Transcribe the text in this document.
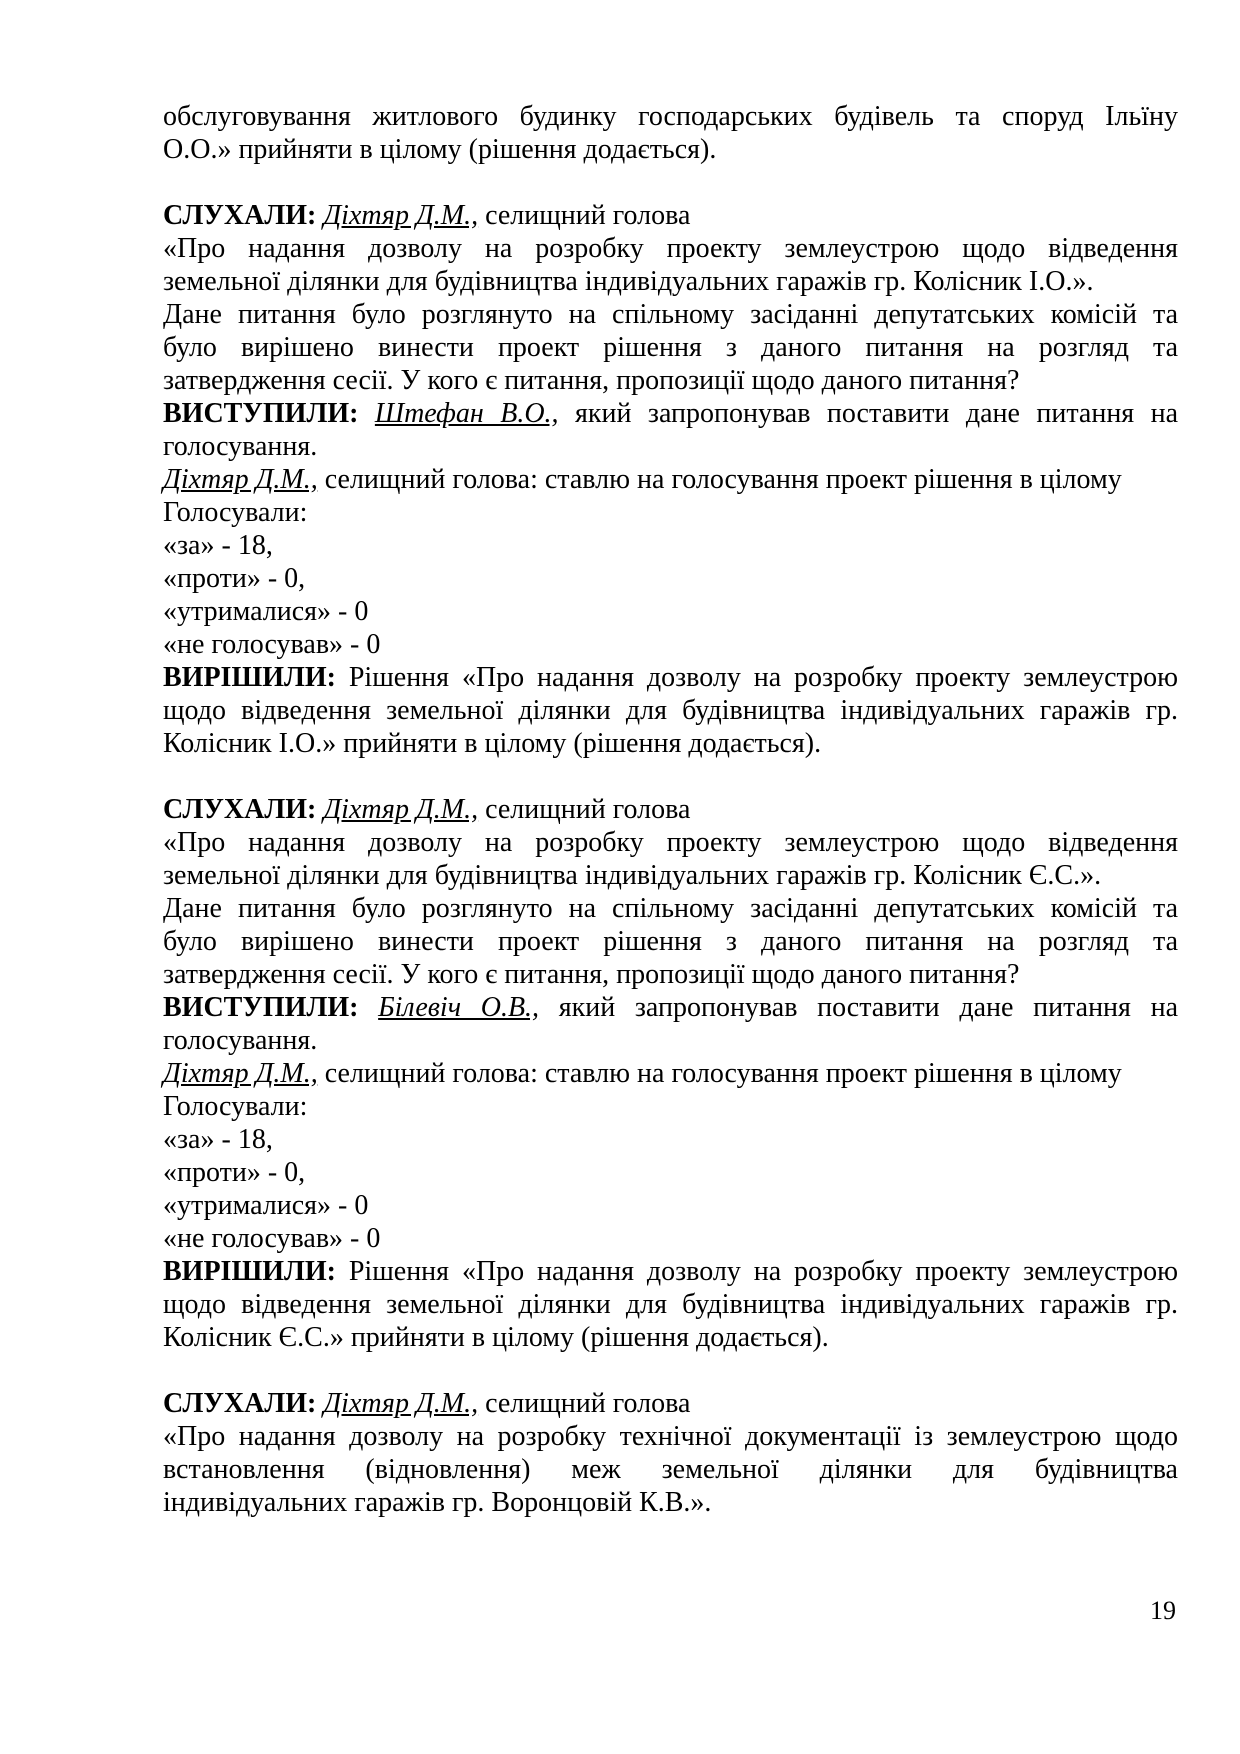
обслуговування житлового будинку господарських будівель та споруд Ільїну

О.О.» прийняти в цілому (рішення додається).

СЛУХАЛИ: Діхтяр Д.М., селищний голова

«Про надання дозволу на розробку проекту землеустрою щодо відведення

земельної ділянки для будівництва індивідуальних гаражів гр. Колісник І.О.».

Дане питання було розглянуто на спільному засіданні депутатських комісій та

було вирішено винести проект рішення з даного питання на розгляд та

затвердження сесії. У кого є питання, пропозиції щодо даного питання?

ВИСТУПИЛИ: Штефан В.О., який запропонував поставити дане питання на

голосування.

Діхтяр Д.М., селищний голова: ставлю на голосування проект рішення в цілому

Голосували:

«за» - 18,

«проти» - 0,

«утрималися» - 0

«не голосував» - 0

ВИРІШИЛИ: Рішення «Про надання дозволу на розробку проекту землеустрою

щодо відведення земельної ділянки для будівництва індивідуальних гаражів гр.

Колісник І.О.» прийняти в цілому (рішення додається).

СЛУХАЛИ: Діхтяр Д.М., селищний голова

«Про надання дозволу на розробку проекту землеустрою щодо відведення

земельної ділянки для будівництва індивідуальних гаражів гр. Колісник Є.С.».

Дане питання було розглянуто на спільному засіданні депутатських комісій та

було вирішено винести проект рішення з даного питання на розгляд та

затвердження сесії. У кого є питання, пропозиції щодо даного питання?

ВИСТУПИЛИ: Білевіч О.В., який запропонував поставити дане питання на

голосування.

Діхтяр Д.М., селищний голова: ставлю на голосування проект рішення в цілому

Голосували:

«за» - 18,

«проти» - 0,

«утрималися» - 0

«не голосував» - 0

ВИРІШИЛИ: Рішення «Про надання дозволу на розробку проекту землеустрою

щодо відведення земельної ділянки для будівництва індивідуальних гаражів гр.

Колісник Є.С.» прийняти в цілому (рішення додається).

СЛУХАЛИ: Діхтяр Д.М., селищний голова

«Про надання дозволу на розробку технічної документації із землеустрою щодо

встановлення (відновлення) меж земельної ділянки для будівництва

індивідуальних гаражів гр. Воронцовій К.В.».

19
